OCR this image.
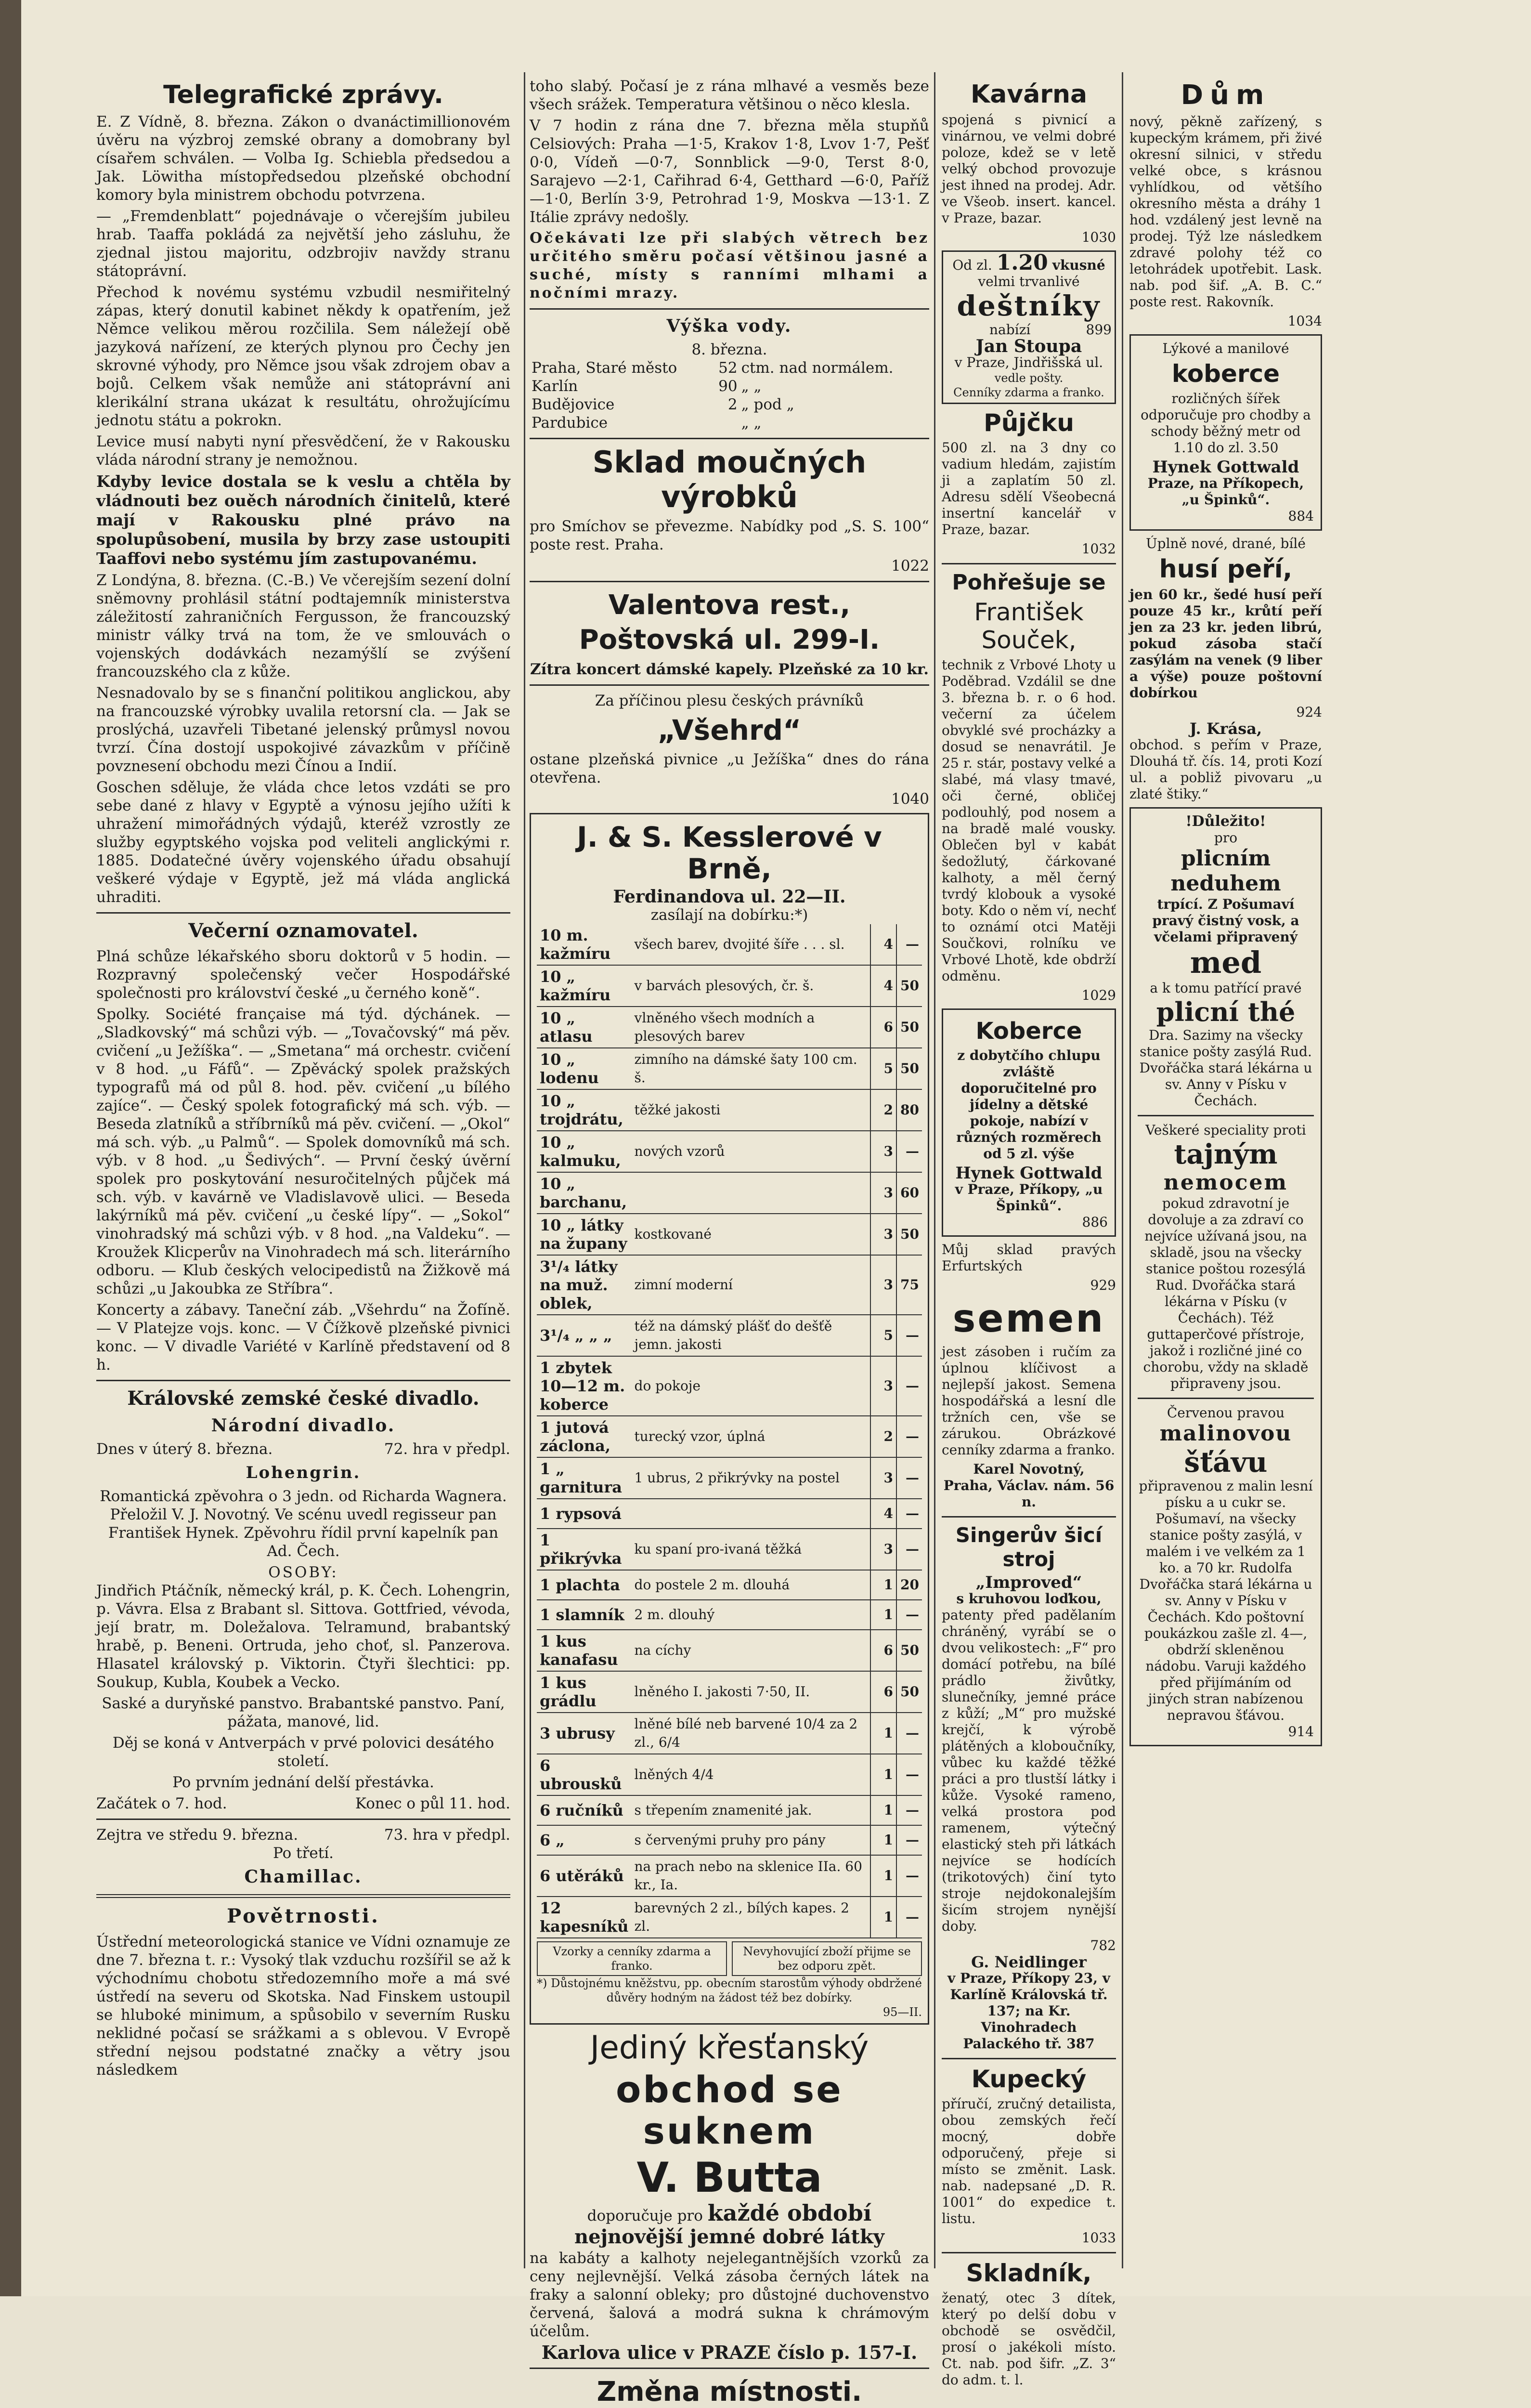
Telegrafické zprávy.

E. Z Vídně, 8. března. Zákon o dvanáctimillionovém úvěru na výzbroj zemské obrany a domobrany byl císařem schválen. — Volba Ig. Schiebla předsedou a Jak. Löwitha místopředsedou plzeňské obchodní komory byla ministrem obchodu potvrzena.

— „Fremdenblatt“ pojednávaje o včerejším jubileu hrab. Taaffa pokládá za největší jeho zásluhu, že zjednal jistou majoritu, odzbrojiv navždy stranu státoprávní.

Přechod k novému systému vzbudil nesmiřitelný zápas, který donutil kabinet někdy k opatřením, jež Němce velikou měrou rozčililа. Sem náležejí obě jazyková nařízení, ze kterých plynou pro Čechy jen skrovné výhody, pro Němce jsou však zdrojem obav a bojů. Celkem však nemůže ani státoprávní ani klerikální strana ukázat k resultátu, ohrožujícímu jednotu státu a pokrokn.

Levice musí nabyti nyní přesvědčení, že v Rakousku vláda národní strany je nemožnou.

Kdyby levice dostala se k veslu a chtěla by vládnouti bez ouěch národních činitelů, které mají v Rakousku plné právo na spolupůsobení, musila by brzy zase ustoupiti Taaffovi nebo systému jím zastupovanému.

Z Londýna, 8. března. (C.-B.) Ve včerejším sezení dolní sněmovny prohlásil státní podtajemník ministerstva záležitostí zahraničních Fergusson, že francouzský ministr války trvá na tom, že ve smlouvách o vojenských dodávkách nezamýšlí se zvýšení francouzského cla z kůže.

Nesnadovalo by se s finanční politikou anglickou, aby na francouzské výrobky uvalila retorsní cla. — Jak se proslýchá, uzavřeli Tibetané jelenský průmysl novou tvrzí. Čína dostojí uspokojivé závazkům v příčině povznesení obchodu mezi Čínou a Indií.

Goschen sděluje, že vláda chce letos vzdáti se pro sebe dané z hlavy v Egyptě a výnosu jejího užíti k uhražení mimořádných výdajů, kteréž vzrostly ze služby egyptského vojska pod veliteli anglickými r. 1885. Dodatečné úvěry vojenského úřadu obsahují veškeré výdaje v Egyptě, jež má vláda anglická uhraditi.

Večerní oznamovatel.

Plná schůze lékařského sboru doktorů v 5 hodin. — Rozpravný společenský večer Hospodářské společnosti pro království české „u černého koně“.

Spolky. Société française má týd. dýchánek. — „Sladkovský“ má schůzi výb. — „Tovačovský“ má pěv. cvičení „u Ježíška“. — „Smetana“ má orchestr. cvičení v 8 hod. „u Fáfů“. — Zpěvácký spolek pražských typografů má od půl 8. hod. pěv. cvičení „u bílého zajíce“. — Český spolek fotografický má sch. výb. — Beseda zlatníků a stříbrníků má pěv. cvičení. — „Okol“ má sch. výb. „u Palmů“. — Spolek domovníků má sch. výb. v 8 hod. „u Šedivých“. — První český úvěrní spolek pro poskytování nesuročitelných půjček má sch. výb. v kavárně ve Vladislavově ulici. — Beseda lakýrníků má pěv. cvičení „u české lípy“. — „Sokol“ vinohradský má schůzi výb. v 8 hod. „na Valdeku“. — Kroužek Klicperův na Vinohradech má sch. literárního odboru. — Klub českých velocipedistů na Žižkově má schůzi „u Jakoubka ze Stříbra“.

Koncerty a zábavy. Taneční záb. „Všehrdu“ na Žofíně. — V Platejze vojs. konc. — V Čížkově plzeňské pivnici konc. — V divadle Variété v Karlíně představení od 8 h.

Královské zemské české divadlo.
Národní divadlo.
Dnes v úterý 8. března.	72. hra v předpl.
Lohengrin.

Romantická zpěvohra o 3 jedn. od Richarda Wagnera. Přeložil V. J. Novotný. Ve scénu uvedl regisseur pan František Hynek. Zpěvohru řídil první kapelník pan Ad. Čech.

OSOBY:

Jindřich Ptáčník, německý král, p. K. Čech. Lohengrin, p. Vávra. Elsa z Brabant sl. Sittova. Gottfried, vévoda, její bratr, m. Doležalova. Telramund, brabantský hrabě, p. Beneni. Ortruda, jeho choť, sl. Panzerova. Hlasatel královský p. Viktorin. Čtyři šlechtici: pp. Soukup, Kubla, Koubek a Vecko.

Saské a duryňské panstvo. Brabantské panstvo. Paní, pážata, manové, lid.

Děj se koná v Antverpách v prvé polovici desátého století.

Po prvním jednání delší přestávka.

Začátek o 7. hod.	Konec o půl 11. hod.
Zejtra ve středu 9. března.	73. hra v předpl.
Po třetí.
Chamillac.
Povětrnosti.

Ústřední meteorologická stanice ve Vídni oznamuje ze dne 7. března t. r.: Vysoký tlak vzduchu rozšířil se až k východnímu chobotu středozemního moře a má své ústředí na severu od Skotska. Nad Finskem ustoupil se hluboké minimum, a spůsobilo v severním Rusku neklidné počasí se srážkami a s oblevou. V Evropě střední nejsou podstatné značky a větry jsou následkem

toho slabý. Počasí je z rána mlhavé a vesměs beze všech srážek. Temperatura většinou o něco klesla.

V 7 hodin z rána dne 7. března měla stupňů Celsiových: Praha —1·5, Krakov 1·8, Lvov 1·7, Pešť 0·0, Vídeň —0·7, Sonnblick —9·0, Terst 8·0, Sarajevo —2·1, Cařihrad 6·4, Getthard —6·0, Paříž —1·0, Berlín 3·9, Petrohrad 1·9, Moskva —13·1. Z Itálie zprávy nedošly.

Očekávati lze při slabých větrech bez určitého směru počasí většinou jasné a suché, místy s ranními mlhami a nočními mrazy.

Výška vody.
8. března.
Praha, Staré město	52	ctm. nad normálem.
Karlín	90	„ „
Budějovice	2	„ pod „
Pardubice		„ „
Sklad moučných výrobků

pro Smíchov se převezme. Nabídky pod „S. S. 100“ poste rest. Praha.

1022
Valentova rest., Poštovská ul. 299-I.
Zítra koncert dámské kapely. Plzeňské za 10 kr.
Za příčinou plesu českých právníků
„Všehrd“

ostane plzeňská pivnice „u Ježíška“ dnes do rána otevřena.

1040
J. & S. Kesslerové v Brně,
Ferdinandova ul. 22—II.
zasílají na dobírku:*)
10 m. kažmíru	všech barev, dvojité šíře . . . sl.	4	—
10 „ kažmíru	v barvách plesových, čr. š.	4	50
10 „ atlasu	vlněného všech modních a plesových barev	6	50
10 „ lodenu	zimního na dámské šaty 100 cm. š.	5	50
10 „ trojdrátu,	těžké jakosti	2	80
10 „ kalmuku,	nových vzorů	3	—
10 „ barchanu,		3	60
10 „ látky na župany	kostkované	3	50
3¹/₄ látky na muž. oblek,	zimní moderní	3	75
3¹/₄ „ „ „	též na dámský plášť do dešťě jemn. jakosti	5	—
1 zbytek 10—12 m. koberce	do pokoje	3	—
1 jutová záclona,	turecký vzor, úplná	2	—
1 „ garnitura	1 ubrus, 2 přikrývky na postel	3	—
1 rypsová		4	—
1 přikrývka	ku spaní pro-ivaná těžká	3	—
1 plachta	do postele 2 m. dlouhá	1	20
1 slamník	2 m. dlouhý	1	—
1 kus kanafasu	na cíchy	6	50
1 kus grádlu	lněného I. jakosti 7·50, II.	6	50
3 ubrusy	lněné bílé neb barvené 10/4 za 2 zl., 6/4	1	—
6 ubrousků	lněných 4/4	1	—
6 ručníků	s třepením znamenité jak.	1	—
6 „	s červenými pruhy pro pány	1	—
6 utěráků	na prach nebo na sklenice IIa. 60 kr., Ia.	1	—
12 kapesníků	barevných 2 zl., bílých kapes. 2 zl.	1	—
Vzorky a cenníky zdarma a franko.
Nevyhovující zboží přijme se bez odporu zpět.
*) Důstojnému kněžstvu, pp. obecním starostům výhody obdržené důvěry hodným na žádost též bez dobírky.
95—II.
Jediný křesťanský
obchod se suknem
V. Butta
doporučuje pro každé období
nejnovější jemné dobré látky

na kabáty a kalhoty nejelegantnějších vzorků za ceny nejlevnější. Velká zásoba černých látek na fraky a salonní obleky; pro důstojné duchovenstvo červená, šalová a modrá sukna k chrámovým účelům.

Karlova ulice v PRAZE číslo p. 157-I.
Změna místnosti.

Kavárna

spojená s pivnicí a vinárnou, ve velmi dobré poloze, kdež se v letě velký obchod provozuje jest ihned na prodej. Adr. ve Všeob. insert. kancel. v Praze, bazar.

1030
Od zl. 1.20 vkusné
velmi trvanlivé
deštníky
nabízí	899
Jan Stoupa
v Praze, Jindřišská ul.
vedle pošty.
Cenníky zdarma a franko.
Půjčku

500 zl. na 3 dny co vadium hledám, zajistím ji a zaplatím 50 zl. Adresu sdělí Všeobecná insertní kancelář v Praze, bazar.

1032
Pohřešuje se
František Souček,

technik z Vrbové Lhoty u Poděbrad. Vzdálil se dne 3. března b. r. o 6 hod. večerní za účelem obvyklé své procházky a dosud se nenavrátil. Je 25 r. stár, postavy velké a slabé, má vlasy tmavé, oči černé, obličej podlouhlý, pod nosem a na bradě malé vousky. Oblečen byl v kabát šedožlutý, čárkované kalhoty, a měl černý tvrdý klobouk a vysoké boty. Kdo o něm ví, nechť to oznámí otci Matěji Součkovi, rolníku ve Vrbové Lhotě, kde obdrží odměnu.

1029
Koberce

z dobytčího chlupu zvláště doporučitelné pro jídelny a dětské pokoje, nabízí v různých rozměrech od 5 zl. výše

Hynek Gottwald
v Praze, Příkopy, „u Špinků“.
886

Můj sklad pravých Erfurtských

929
semen

jest zásoben i ručím za úplnou klíčivost a nejlepší jakost. Semena hospodářská a lesní dle tržních cen, vše se zárukou. Obrázkové cenníky zdarma a franko.

Karel Novotný,
Praha, Václav. nám. 56 n.
Singerův šicí stroj
„Improved“
s kruhovou loďkou,

patenty před padělaním chráněný, vyrábí se o dvou velikostech: „F“ pro domácí potřebu, na bílé prádlo živůtky, slunečníky, jemné práce z kůží; „M“ pro mužské krejčí, k výrobě plátěných a kloboučníky, vůbec ku každé těžké práci a pro tlustší látky i kůže. Vysoké rameno, velká prostora pod ramenem, výtečný elastický steh při látkách nejvíce se hodících (trikotových) činí tyto stroje nejdokonalejším šicím strojem nynější doby.

782
G. Neidlinger

v Praze, Příkopy 23, v Karlíně Královská tř. 137; na Kr. Vinohradech Palackého tř. 387

Kupecký

příručí, zručný detailista, obou zemských řečí mocný, dobře odporučený, přeje si místo se změnit. Lask. nab. nadepsané „D. R. 1001“ do expedice t. listu.

1033
Skladník,

ženatý, otec 3 dítek, který po delší dobu v obchodě se osvědčil, prosí o jakékoli místo. Ct. nab. pod šifr. „Z. 3“ do adm. t. l.

Dům

nový, pěkně zařízený, s kupeckým krámem, při živé okresní silnici, v středu velké obce, s krásnou vyhlídkou, od většího okresního města a dráhy 1 hod. vzdálený jest levně na prodej. Týž lze následkem zdravé polohy též co letohrádek upotřebit. Lask. nab. pod šif. „A. B. C.“ poste rest. Rakovník.

1034
Lýkové a manilové
koberce

rozličných šířek odporučuje pro chodby a schody běžný metr od 1.10 do zl. 3.50

Hynek Gottwald
Praze, na Příkopech, „u Špinků“.
884
Úplně nové, drané, bílé
husí peří,

jen 60 kr., šedé husí peří pouze 45 kr., krůtí peří jen za 23 kr. jeden librú, pokud zásoba stačí zasýlám na venek (9 liber a výše) pouze poštovní dobírkou

924
J. Krása,

obchod. s peřím v Praze, Dlouhá tř. čís. 14, proti Kozí ul. a pobliž pivovaru „u zlaté štiky.“

!Důležito!
pro
plicním neduhem
trpící. Z Pošumaví pravý čistný vosk, a včelami připravený
med
a k tomu patřící pravé
plicní thé
Dra. Sazimy na všecky stanice pošty zasýlá Rud. Dvořáčka stará lékárna u sv. Anny v Písku v Čechách.
Veškeré speciality proti
tajným
nemocem
pokud zdravotní je dovoluje a za zdraví co nejvíce užívaná jsou, na skladě, jsou na všecky stanice poštou rozesýlá Rud. Dvořáčka stará lékárna v Písku (v Čechách). Též guttaperčové přístroje, jakož i rozličné jiné co chorobu, vždy na skladě připraveny jsou.
Červenou pravou
malinovou
šťávu
připravenou z malin lesní písku a u cukr se. Pošumaví, na všecky stanice pošty zasýlá, v malém i ve velkém za 1 ko. a 70 kr. Rudolfa Dvořáčka stará lékárna u sv. Anny v Písku v Čechách. Kdo poštovní poukázkou zašle zl. 4—, obdrží skleněnou nádobu. Varuji každého před přijímáním od jiných stran nabízenou nepravou šťávou.
914
